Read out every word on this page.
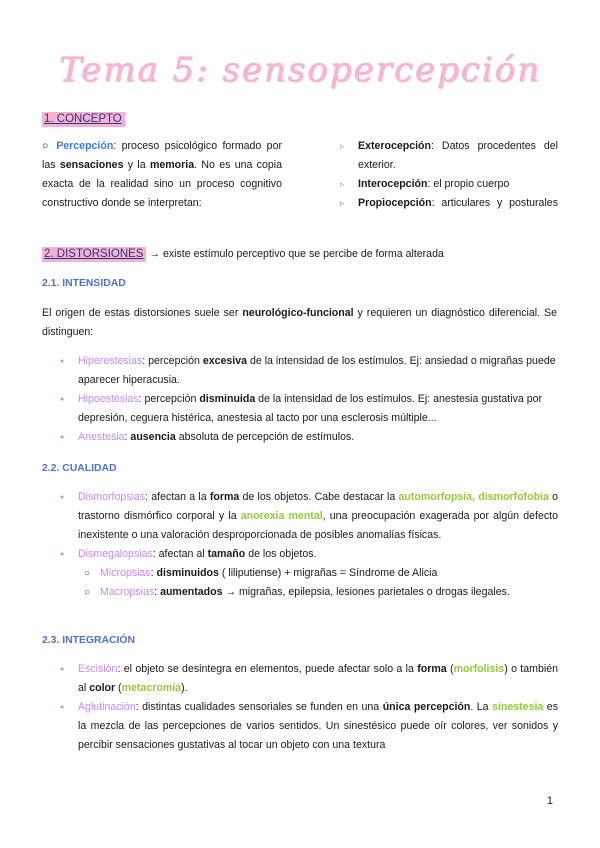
Tema 5: sensopercepción
1. CONCEPTO
○ Percepción: proceso psicológico formado por las sensaciones y la memoria. No es una copia exacta de la realidad sino un proceso cognitivo constructivo donde se interpretan:
▹ Exterocepción: Datos procedentes del exterior.
▹ Interocepción: el propio cuerpo
▹ Propiocepción: articulares y posturales
2. DISTORSIONES → existe estímulo perceptivo que se percibe de forma alterada
2.1. INTENSIDAD
El origen de estas distorsiones suele ser neurológico-funcional y requieren un diagnóstico diferencial. Se distinguen:
● Hiperestesias: percepción excesiva de la intensidad de los estímulos. Ej: ansiedad o migrañas puede aparecer hiperacusia.
● Hipoestesias: percepción disminuida de la intensidad de los estímulos. Ej: anestesia gustativa por depresión, ceguera histérica, anestesia al tacto por una esclerosis múltiple...
● Anestesia: ausencia absoluta de percepción de estímulos.
2.2. CUALIDAD
● Dismorfopsias: afectan a la forma de los objetos. Cabe destacar la automorfopsia, dismorfofobia o trastorno dismórfico corporal y la anorexia mental, una preocupación exagerada por algún defecto inexistente o una valoración desproporcionada de posibles anomalías físicas.
● Dismegalopsias: afectan al tamaño de los objetos.
○ Micropsias: disminuidos ( liliputiense) + migrañas = Síndrome de Alicia
○ Macropsias: aumentados → migrañas, epilepsia, lesiones parietales o drogas ilegales.
2.3. INTEGRACIÓN
● Escisión: el objeto se desintegra en elementos, puede afectar solo a la forma (morfolisis) o también al color (metacromía).
● Aglutinación: distintas cualidades sensoriales se funden en una única percepción. La sinestesia es la mezcla de las percepciones de varios sentidos. Un sinestésico puede oír colores, ver sonidos y percibir sensaciones gustativas al tocar un objeto con una textura
1
